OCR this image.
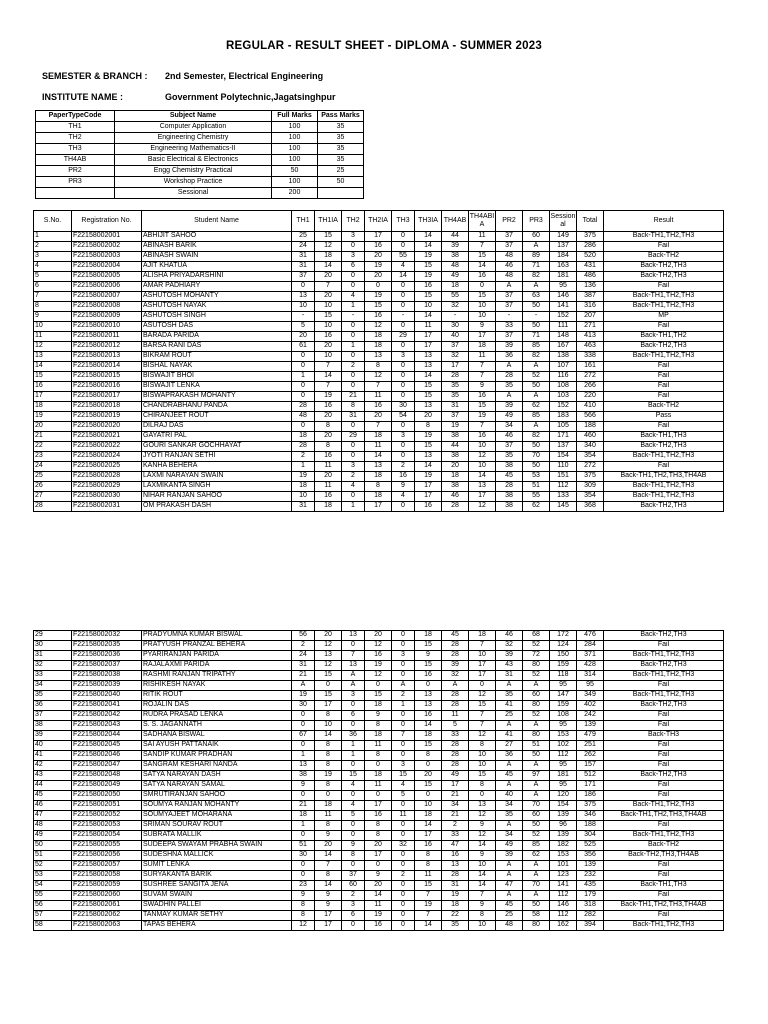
REGULAR - RESULT SHEET - DIPLOMA - SUMMER 2023
SEMESTER & BRANCH : 2nd Semester, Electrical Engineering
INSTITUTE NAME :	Government Polytechnic,Jagatsinghpur
PaperTypeCode	Subject Name	Full Marks	Pass Marks
TH1	Computer Application	100	35
TH2	Engineering Chemistry	100	35
TH3	Engineering Mathematics-II	100	35
TH4AB	Basic Electrical & Electronics	100	35
PR2	Engg Chemistry Practical	50	25
PR3	Workshop Practice	100	50
	Sessional	200	
S.No.	Registration No.	Student Name	TH1	TH1IA	TH2	TH2IA	TH3	TH3IA	TH4AB	TH4ABIA	PR2	PR3	Sessional	Total	Result
1	F22158002001	ABHIJIT SAHOO	25	15	3	17	0	14	44	11	37	60	149	375	Back-TH1,TH2,TH3
2	F22158002002	ABINASH BARIK	24	12	0	16	0	14	39	7	37	A	137	286	Fail
3	F22158002003	ABINASH SWAIN	31	18	3	20	55	19	38	15	48	89	184	520	Back-TH2
4	F22158002004	AJIT KHATUA	31	14	6	19	4	15	48	14	46	71	163	431	Back-TH2,TH3
5	F22158002005	ALISHA PRIYADARSHINI	37	20	0	20	14	19	49	16	48	82	181	486	Back-TH2,TH3
6	F22158002006	AMAR PADHIARY	0	7	0	0	0	16	18	0	A	A	95	136	Fail
7	F22158002007	ASHUTOSH MOHANTY	13	20	4	19	0	15	55	15	37	63	146	387	Back-TH1,TH2,TH3
8	F22158002008	ASHUTOSH NAYAK	10	10	1	15	0	10	32	10	37	50	141	316	Back-TH1,TH2,TH3
9	F22158002009	ASHUTOSH SINGH	-	15	-	16	-	14	-	10	-	-	152	207	MP
10	F22158002010	ASUTOSH DAS	5	10	0	12	0	11	30	9	33	50	111	271	Fail
11	F22158002011	BARADA PARIDA	20	16	0	18	29	17	40	17	37	71	148	413	Back-TH1,TH2
12	F22158002012	BARSA RANI DAS	61	20	1	18	0	17	37	18	39	85	167	463	Back-TH2,TH3
13	F22158002013	BIKRAM ROUT	0	10	0	13	3	13	32	11	36	82	138	338	Back-TH1,TH2,TH3
14	F22158002014	BISHAL NAYAK	0	7	2	8	0	13	17	7	A	A	107	161	Fail
15	F22158002015	BISWAJIT BHOI	1	14	0	12	0	14	28	7	28	52	116	272	Fail
16	F22158002016	BISWAJIT LENKA	0	7	0	7	0	15	35	9	35	50	108	266	Fail
17	F22158002017	BISWAPRAKASH MOHANTY	0	19	21	11	0	15	35	16	A	A	103	220	Fail
18	F22158002018	CHANDRABHANU PANDA	28	16	8	16	30	13	31	15	39	62	152	410	Back-TH2
19	F22158002019	CHIRANJEET ROUT	48	20	31	20	54	20	37	19	49	85	183	566	Pass
20	F22158002020	DILRAJ DAS	0	8	0	7	0	8	19	7	34	A	105	188	Fail
21	F22158002021	GAYATRI PAL	18	20	29	18	3	19	38	16	46	82	171	460	Back-TH1,TH3
22	F22158002022	GOURI SANKAR GOCHHAYAT	28	8	0	11	0	15	44	10	37	50	137	340	Back-TH2,TH3
23	F22158002024	JYOTI RANJAN SETHI	2	16	0	14	0	13	38	12	35	70	154	354	Back-TH1,TH2,TH3
24	F22158002025	KANHA BEHERA	1	11	3	13	2	14	20	10	38	50	110	272	Fail
25	F22158002028	LAXMI NARAYAN SWAIN	19	20	2	18	16	19	18	14	45	53	151	375	Back-TH1,TH2,TH3,TH4AB
26	F22158002029	LAXMIKANTA SINGH	18	11	4	8	9	17	38	13	28	51	112	309	Back-TH1,TH2,TH3
27	F22158002030	NIHAR RANJAN SAHOO	10	16	0	18	4	17	46	17	38	55	133	354	Back-TH1,TH2,TH3
28	F22158002031	OM PRAKASH DASH	31	18	1	17	0	16	28	12	38	62	145	368	Back-TH2,TH3
29	F22158002032	PRADYUMNA KUMAR BISWAL	56	20	13	20	0	18	45	18	46	68	172	476	Back-TH2,TH3
30	F22158002035	PRATYUSH PRANZAL BEHERA	2	12	0	12	0	15	28	7	32	52	124	284	Fail
31	F22158002036	PYARIRANJAN PARIDA	24	13	7	16	3	9	28	10	39	72	150	371	Back-TH1,TH2,TH3
32	F22158002037	RAJALAXMI PARIDA	31	12	13	19	0	15	39	17	43	80	159	428	Back-TH2,TH3
33	F22158002038	RASHMI RANJAN TRIPATHY	21	15	A	12	0	16	32	17	31	52	118	314	Back-TH1,TH2,TH3
34	F22158002039	RISHIKESH NAYAK	A	0	A	0	A	0	A	0	A	A	95	95	Fail
35	F22158002040	RITIK ROUT	19	15	3	15	2	13	28	12	35	60	147	349	Back-TH1,TH2,TH3
36	F22158002041	ROJALIN DAS	30	17	0	18	1	13	28	15	41	80	159	402	Back-TH2,TH3
37	F22158002042	RUDRA PRASAD LENKA	0	8	6	9	0	16	11	7	25	52	108	242	Fail
38	F22158002043	S. S. JAGANNATH	0	10	0	8	0	14	5	7	A	A	95	139	Fail
39	F22158002044	SADHANA BISWAL	67	14	36	18	7	18	33	12	41	80	153	479	Back-TH3
40	F22158002045	SAI AYUSH PATTANAIK	0	8	1	11	0	15	28	8	27	51	102	251	Fail
41	F22158002046	SANDIP KUMAR PRADHAN	1	8	1	8	0	8	28	10	36	50	112	262	Fail
42	F22158002047	SANGRAM KESHARI NANDA	13	8	0	0	3	0	28	10	A	A	95	157	Fail
43	F22158002048	SATYA NARAYAN DASH	38	19	15	18	15	20	49	15	45	97	181	512	Back-TH2,TH3
44	F22158002049	SATYA NARAYAN SAMAL	9	8	4	11	4	15	17	8	A	A	95	171	Fail
45	F22158002050	SMRUTIRANJAN SAHOO	0	0	0	0	5	0	21	0	40	A	120	186	Fail
46	F22158002051	SOUMYA RANJAN MOHANTY	21	18	4	17	0	10	34	13	34	70	154	375	Back-TH1,TH2,TH3
47	F22158002052	SOUMYAJEET MOHARANA	18	11	5	16	11	18	21	12	35	60	139	346	Back-TH1,TH2,TH3,TH4AB
48	F22158002053	SRIMAN SOURAV ROUT	1	8	0	8	0	14	2	9	A	50	96	188	Fail
49	F22158002054	SUBRATA MALLIK	0	9	0	8	0	17	33	12	34	52	139	304	Back-TH1,TH2,TH3
50	F22158002055	SUDEEPA SWAYAM PRABHA SWAIN	51	20	9	20	32	16	47	14	49	85	182	525	Back-TH2
51	F22158002056	SUDESHNA MALLICK	30	14	8	17	0	8	16	9	39	62	153	356	Back-TH2,TH3,TH4AB
52	F22158002057	SUMIT LENKA	0	7	0	0	0	8	13	10	A	A	101	139	Fail
53	F22158002058	SURYAKANTA BARIK	0	8	37	9	2	11	28	14	A	A	123	232	Fail
54	F22158002059	SUSHREE SANGITA JENA	23	14	60	20	0	15	31	14	47	70	141	435	Back-TH1,TH3
55	F22158002060	SUVAM SWAIN	9	9	2	14	0	7	19	7	A	A	112	179	Fail
56	F22158002061	SWADHIN PALLEI	8	9	3	11	0	19	18	9	45	50	146	318	Back-TH1,TH2,TH3,TH4AB
57	F22158002062	TANMAY KUMAR SETHY	8	17	6	19	0	7	22	8	25	58	112	282	Fail
58	F22158002063	TAPAS BEHERA	12	17	0	16	0	14	35	10	48	80	162	394	Back-TH1,TH2,TH3
